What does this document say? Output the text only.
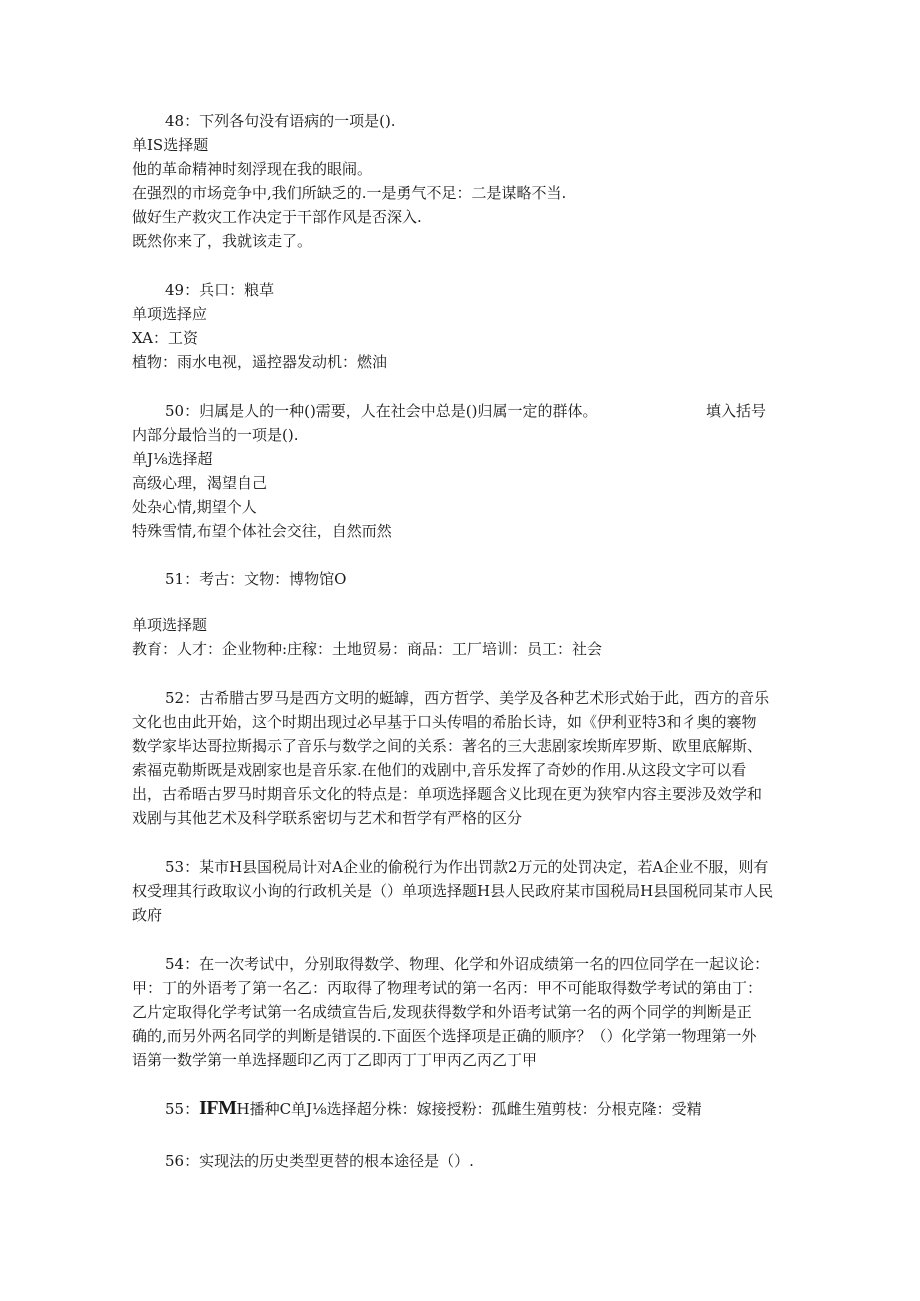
48：下列各句没有语病的一项是().
单IS选择题
他的革命精神时刻浮现在我的眼闹。
在强烈的市场竞争中,我们所缺乏的.一是勇气不足：二是谋略不当.
做好生产救灾工作决定于干部作风是否深入.
既然你来了，我就该走了。
49：兵口：粮草
单项选择应
XA：工资
植物：雨水电视，遥控器发动机：燃油
50：归属是人的一种()需要，人在社会中总是()归属一定的群体。	填入括号
内部分最恰当的一项是().
单J⅛选择超
高级心理，渴望自己
处杂心情,期望个人
特殊雪情,布望个体社会交往，自然而然
51：考古：文物：博物馆O
单项选择题
教育：人才：企业物种:庄稼：土地贸易：商品：工厂培训：员工：社会
52：古希腊古罗马是西方文明的蜓罅，西方哲学、美学及各种艺术形式始于此，西方的音乐
文化也由此开始，这个时期出现过必早基于口头传唱的希胎长诗，如《伊利亚特3和彳奥的褰物
数学家毕达哥拉斯揭示了音乐与数学之间的关系：著名的三大悲剧家埃斯库罗斯、欧里底解斯、
索福克勒斯既是戏剧家也是音乐家.在他们的戏剧中,音乐发挥了奇妙的作用.从这段文字可以看
出，古希晤古罗马时期音乐文化的特点是：单项选择题含义比现在更为狭窄内容主要涉及效学和
戏剧与其他艺术及科学联系密切与艺术和哲学有严格的区分
53：某市H县国税局计对A企业的偷税行为作出罚款2万元的处罚决定，若A企业不服，则有
权受理其行政取议小询的行政机关是（）单项选择题H县人民政府某市国税局H县国税同某市人民
政府
54：在一次考试中，分别取得数学、物理、化学和外诏成绩第一名的四位同学在一起议论：
甲：丁的外语考了第一名乙：丙取得了物理考试的第一名丙：甲不可能取得数学考试的第由丁：
乙片定取得化学考试第一名成绩宣告后,发现获得数学和外语考试第一名的两个同学的判断是正
确的,而另外两名同学的判断是错误的.下面医个选择项是正确的顺序？（）化学第一物理第一外
语第一数学第一单选择题印乙丙丁乙即丙丁丁甲丙乙丙乙丁甲
55：IFMH播种C单J⅛选择超分株：嫁接授粉：孤雌生殖剪枝：分根克隆：受精
56：实现法的历史类型更替的根本途径是（）.
